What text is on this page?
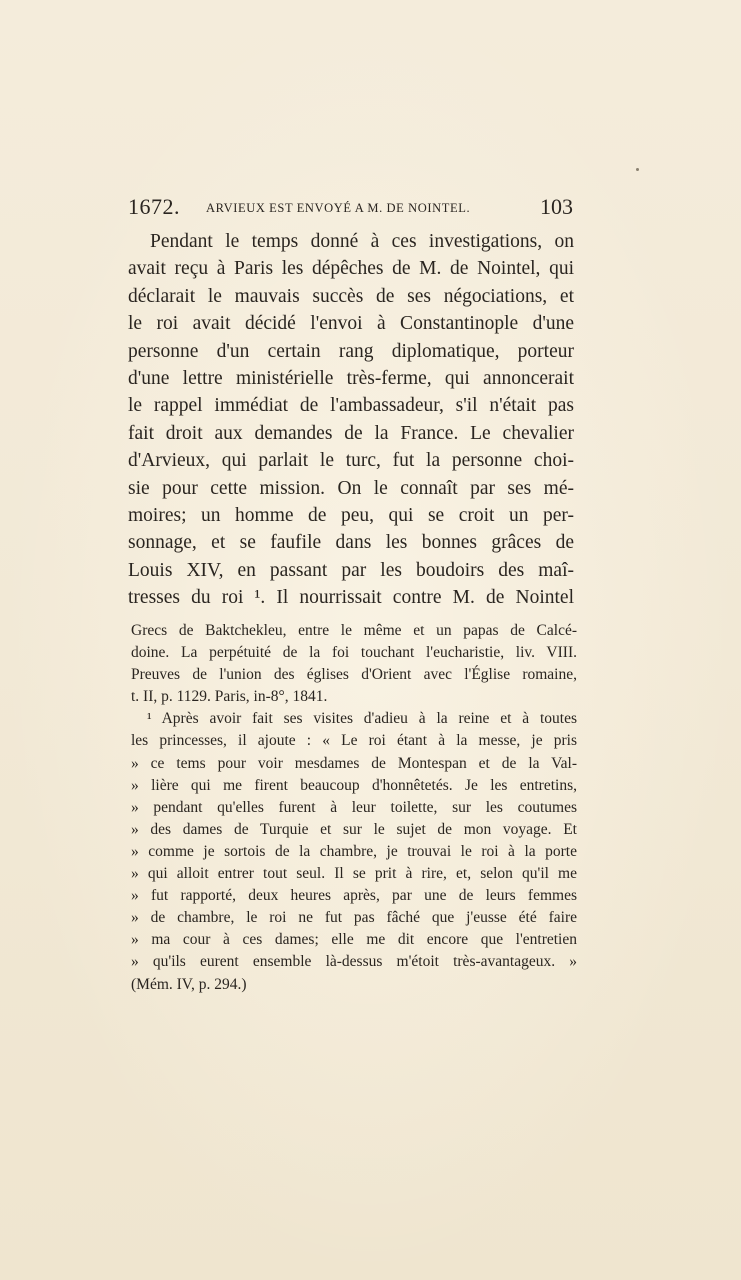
1672. ARVIEUX EST ENVOYÉ A M. DE NOINTEL.	103
Pendant le temps donné à ces investigations, on
avait reçu à Paris les dépêches de M. de Nointel, qui
déclarait le mauvais succès de ses négociations, et
le roi avait décidé l'envoi à Constantinople d'une
personne d'un certain rang diplomatique, porteur
d'une lettre ministérielle très-ferme, qui annoncerait
le rappel immédiat de l'ambassadeur, s'il n'était pas
fait droit aux demandes de la France. Le chevalier
d'Arvieux, qui parlait le turc, fut la personne choi-
sie pour cette mission. On le connaît par ses mé-
moires; un homme de peu, qui se croit un per-
sonnage, et se faufile dans les bonnes grâces de
Louis XIV, en passant par les boudoirs des maî-
tresses du roi ¹. Il nourrissait contre M. de Nointel
Grecs de Baktchekleu, entre le même et un papas de Calcé-
doine. La perpétuité de la foi touchant l'eucharistie, liv. VIII.
Preuves de l'union des églises d'Orient avec l'Église romaine,
t. II, p. 1129. Paris, in-8°, 1841.
¹ Après avoir fait ses visites d'adieu à la reine et à toutes
les princesses, il ajoute : « Le roi étant à la messe, je pris
» ce tems pour voir mesdames de Montespan et de la Val-
» lière qui me firent beaucoup d'honnêtetés. Je les entretins,
» pendant qu'elles furent à leur toilette, sur les coutumes
» des dames de Turquie et sur le sujet de mon voyage. Et
» comme je sortois de la chambre, je trouvai le roi à la porte
» qui alloit entrer tout seul. Il se prit à rire, et, selon qu'il me
» fut rapporté, deux heures après, par une de leurs femmes
» de chambre, le roi ne fut pas fâché que j'eusse été faire
» ma cour à ces dames; elle me dit encore que l'entretien
» qu'ils eurent ensemble là-dessus m'étoit très-avantageux. »
(Mém. IV, p. 294.)
